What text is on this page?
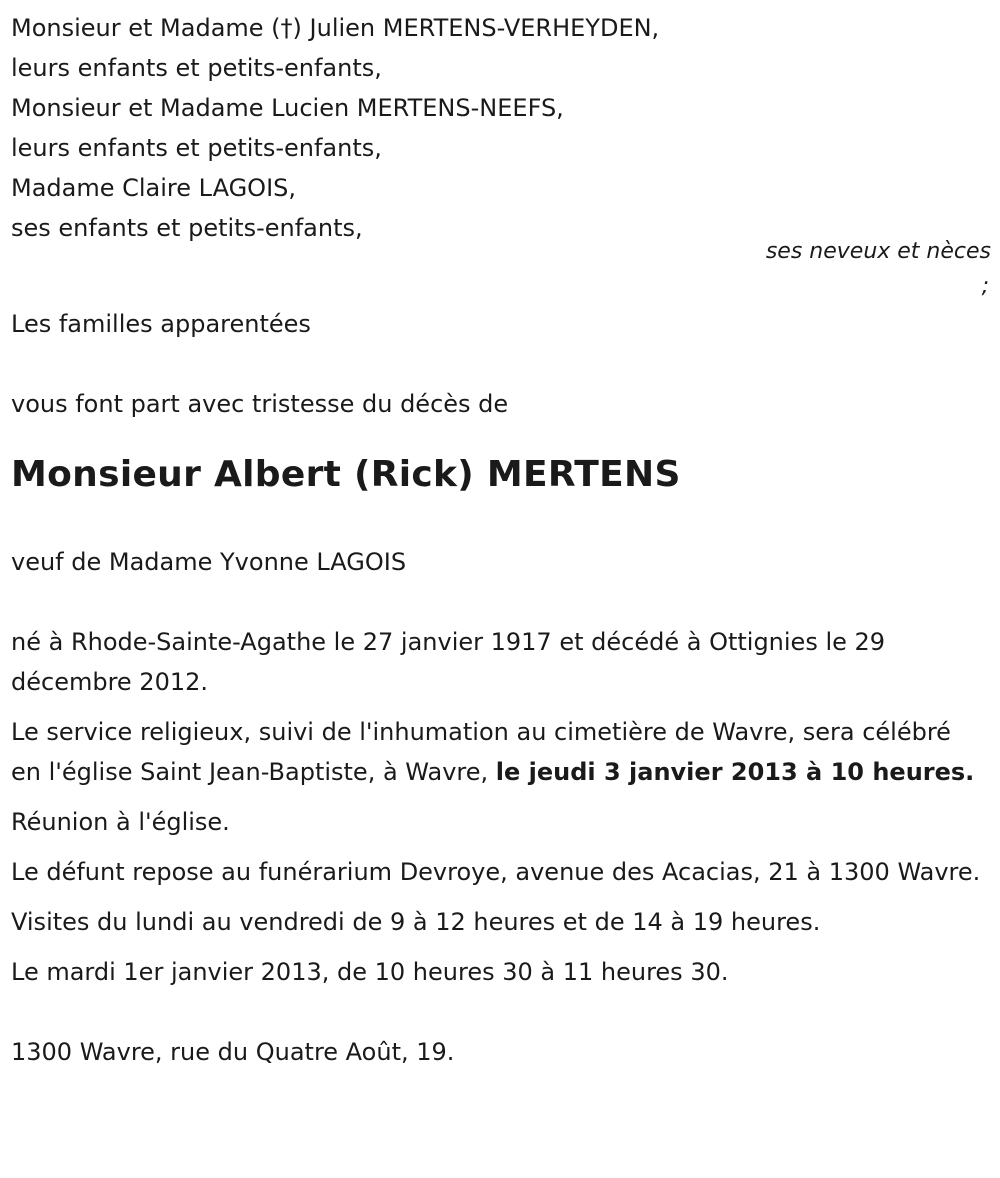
Monsieur et Madame (†) Julien MERTENS-VERHEYDEN,
leurs enfants et petits-enfants,
Monsieur et Madame Lucien MERTENS-NEEFS,
leurs enfants et petits-enfants,
Madame Claire LAGOIS,
ses enfants et petits-enfants,
ses neveux et nèces
;
Les familles apparentées
vous font part avec tristesse du décès de
Monsieur Albert (Rick) MERTENS
veuf de Madame Yvonne LAGOIS
né à Rhode-Sainte-Agathe le 27 janvier 1917 et décédé à Ottignies le 29 décembre 2012.
Le service religieux, suivi de l'inhumation au cimetière de Wavre, sera célébré en l'église Saint Jean-Baptiste, à Wavre, le jeudi 3 janvier 2013 à 10 heures.
Réunion à l'église.
Le défunt repose au funérarium Devroye, avenue des Acacias, 21 à 1300 Wavre.
Visites du lundi au vendredi de 9 à 12 heures et de 14 à 19 heures.
Le mardi 1er janvier 2013, de 10 heures 30 à 11 heures 30.
1300 Wavre, rue du Quatre Août, 19.
